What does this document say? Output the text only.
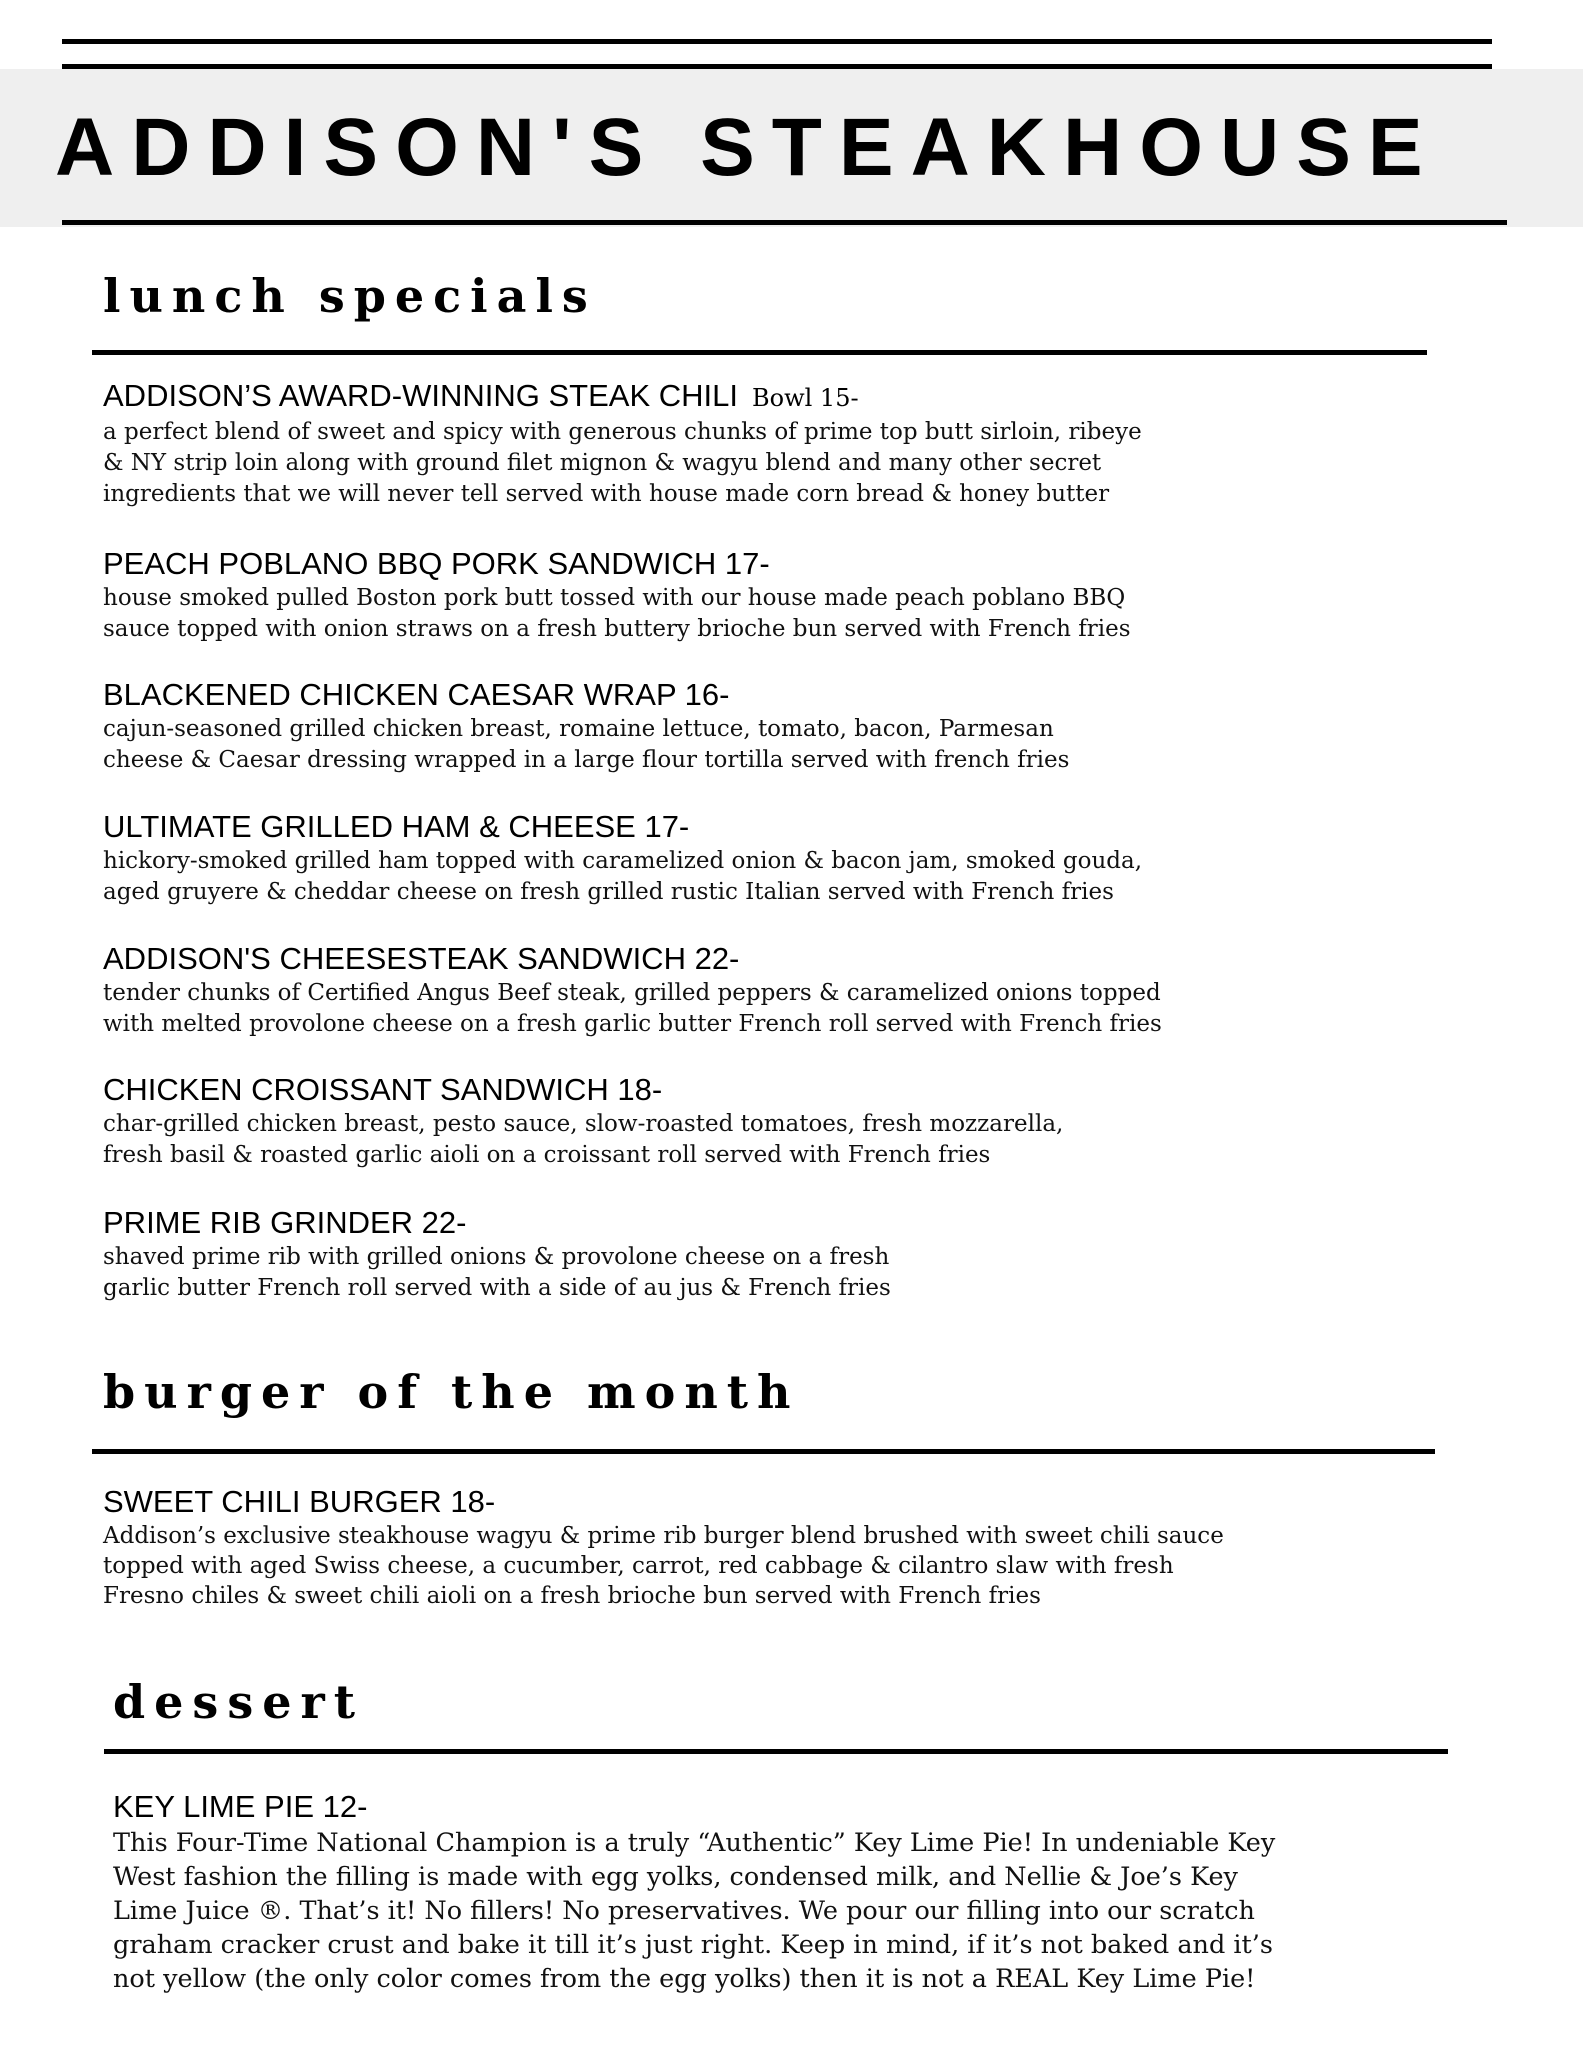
ADDISON'S STEAKHOUSE
lunch specials
ADDISON’S AWARD-WINNING STEAK CHILI Bowl 15-
a perfect blend of sweet and spicy with generous chunks of prime top butt sirloin, ribeye
& NY strip loin along with ground filet mignon & wagyu blend and many other secret
ingredients that we will never tell served with house made corn bread & honey butter
PEACH POBLANO BBQ PORK SANDWICH 17-
house smoked pulled Boston pork butt tossed with our house made peach poblano BBQ
sauce topped with onion straws on a fresh buttery brioche bun served with French fries
BLACKENED CHICKEN CAESAR WRAP 16-
cajun-seasoned grilled chicken breast, romaine lettuce, tomato, bacon, Parmesan
cheese & Caesar dressing wrapped in a large flour tortilla served with french fries
ULTIMATE GRILLED HAM & CHEESE 17-
hickory-smoked grilled ham topped with caramelized onion & bacon jam, smoked gouda,
aged gruyere & cheddar cheese on fresh grilled rustic Italian served with French fries
ADDISON'S CHEESESTEAK SANDWICH 22-
tender chunks of Certified Angus Beef steak, grilled peppers & caramelized onions topped
with melted provolone cheese on a fresh garlic butter French roll served with French fries
CHICKEN CROISSANT SANDWICH 18-
char-grilled chicken breast, pesto sauce, slow-roasted tomatoes, fresh mozzarella,
fresh basil & roasted garlic aioli on a croissant roll served with French fries
PRIME RIB GRINDER 22-
shaved prime rib with grilled onions & provolone cheese on a fresh
garlic butter French roll served with a side of au jus & French fries
burger of the month
SWEET CHILI BURGER 18-
Addison’s exclusive steakhouse wagyu & prime rib burger blend brushed with sweet chili sauce
topped with aged Swiss cheese, a cucumber, carrot, red cabbage & cilantro slaw with fresh
Fresno chiles & sweet chili aioli on a fresh brioche bun served with French fries
dessert
KEY LIME PIE 12-
This Four-Time National Champion is a truly “Authentic” Key Lime Pie! In undeniable Key
West fashion the filling is made with egg yolks, condensed milk, and Nellie & Joe’s Key
Lime Juice ®. That’s it! No fillers! No preservatives. We pour our filling into our scratch
graham cracker crust and bake it till it’s just right. Keep in mind, if it’s not baked and it’s
not yellow (the only color comes from the egg yolks) then it is not a REAL Key Lime Pie!
